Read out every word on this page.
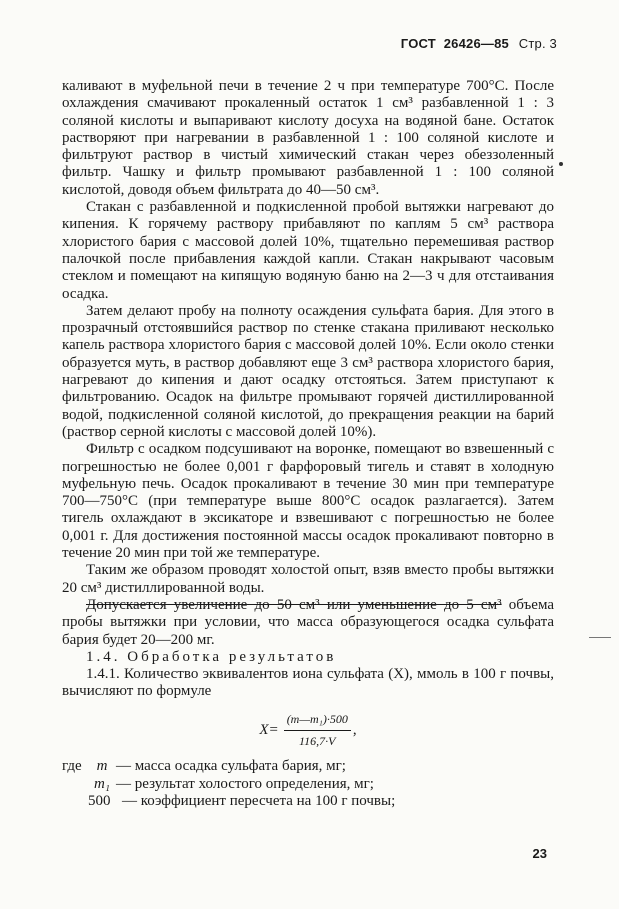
ГОСТ 26426—85 Стр. 3

каливают в муфельной печи в течение 2 ч при температуре 700°С. После охлаждения смачивают прокаленный остаток 1 см³ разбавленной 1 : 3 соляной кислоты и выпаривают кислоту досуха на водяной бане. Остаток растворяют при нагревании в разбавленной 1 : 100 соляной кислоте и фильтруют раствор в чистый химический стакан через обеззоленный фильтр. Чашку и фильтр промывают разбавленной 1 : 100 соляной кислотой, доводя объем фильтрата до 40—50 см³.

Стакан с разбавленной и подкисленной пробой вытяжки нагревают до кипения. К горячему раствору прибавляют по каплям 5 см³ раствора хлористого бария с массовой долей 10%, тщательно перемешивая раствор палочкой после прибавления каждой капли. Стакан накрывают часовым стеклом и помещают на кипящую водяную баню на 2—3 ч для отстаивания осадка.

Затем делают пробу на полноту осаждения сульфата бария. Для этого в прозрачный отстоявшийся раствор по стенке стакана приливают несколько капель раствора хлористого бария с массовой долей 10%. Если около стенки образуется муть, в раствор добавляют еще 3 см³ раствора хлористого бария, нагревают до кипения и дают осадку отстояться. Затем приступают к фильтрованию. Осадок на фильтре промывают горячей дистиллированной водой, подкисленной соляной кислотой, до прекращения реакции на барий (раствор серной кислоты с массовой долей 10%).

Фильтр с осадком подсушивают на воронке, помещают во взвешенный с погрешностью не более 0,001 г фарфоровый тигель и ставят в холодную муфельную печь. Осадок прокаливают в течение 30 мин при температуре 700—750°С (при температуре выше 800°С осадок разлагается). Затем тигель охлаждают в эксикаторе и взвешивают с погрешностью не более 0,001 г. Для достижения постоянной массы осадок прокаливают повторно в течение 20 мин при той же температуре.

Таким же образом проводят холостой опыт, взяв вместо пробы вытяжки 20 см³ дистиллированной воды.

Допускается увеличение до 50 см³ или уменьшение до 5 см³ объема пробы вытяжки при условии, что масса образующегося осадка сульфата бария будет 20—200 мг.

1.4. Обработка результатов

1.4.1. Количество эквивалентов иона сульфата (X), ммоль в 100 г почвы, вычисляют по формуле

$X= \frac{\text{(m—m₁)·500}}{116,7\cdot V}$ ,
где m — масса осадка сульфата бария, мг;
m₁ — результат холостого определения, мг;
500 — коэффициент пересчета на 100 г почвы;
23
